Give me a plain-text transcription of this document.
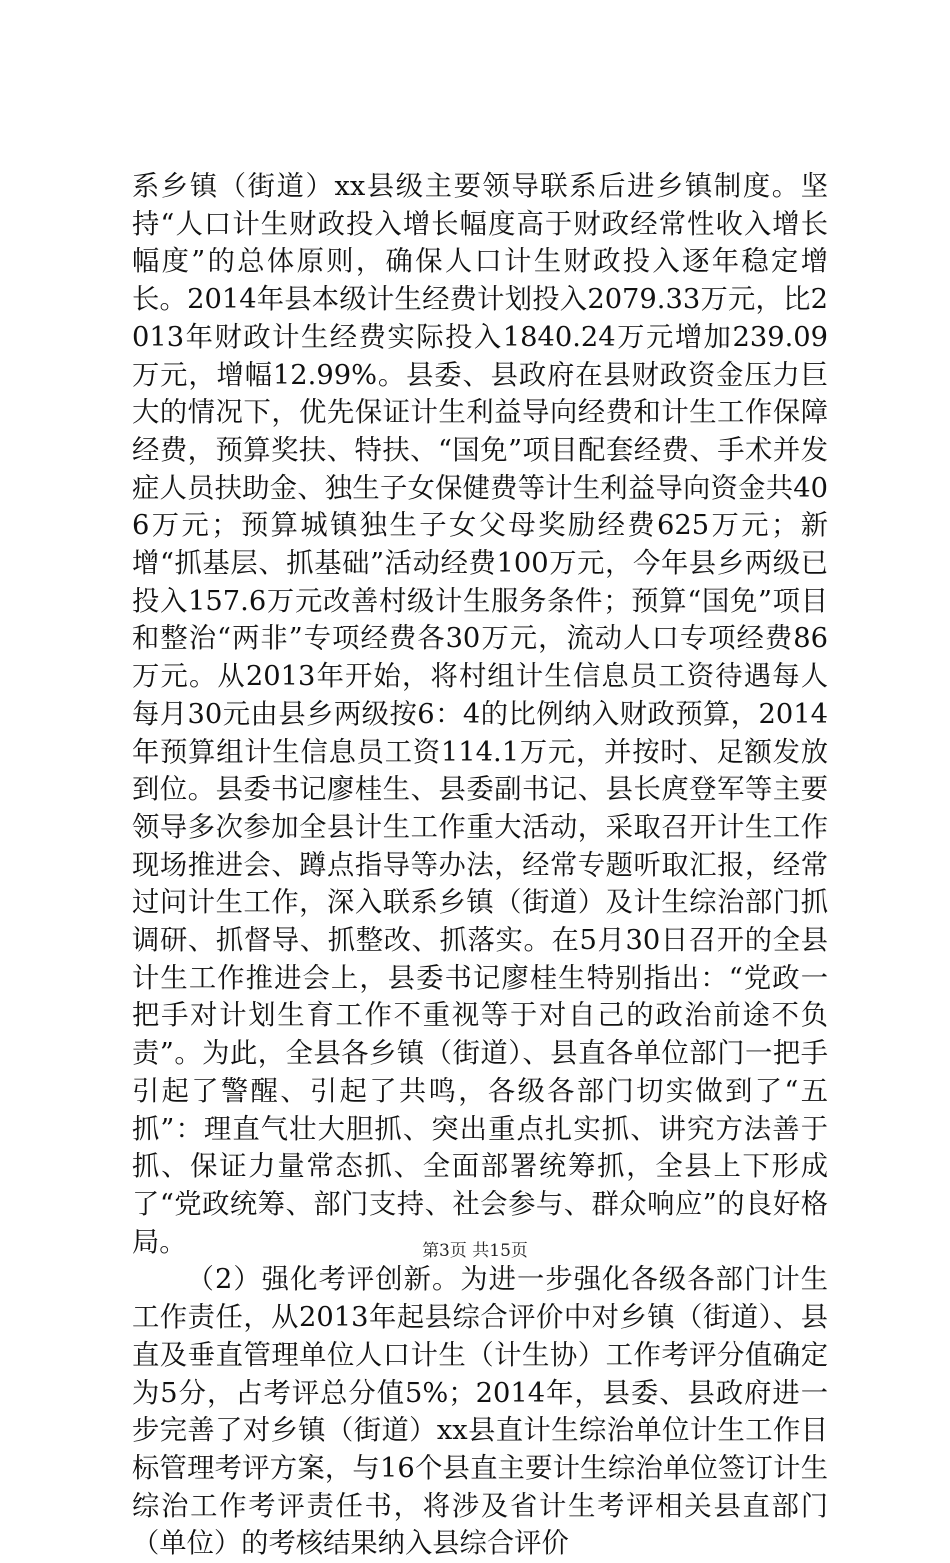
系乡镇（街道）xx县级主要领导联系后进乡镇制度。坚持“人口计生财政投入增长幅度高于财政经常性收入增长幅度”的总体原则，确保人口计生财政投入逐年稳定增长。2014年县本级计生经费计划投入2079.33万元，比2013年财政计生经费实际投入1840.24万元增加239.09万元，增幅12.99%。县委、县政府在县财政资金压力巨大的情况下，优先保证计生利益导向经费和计生工作保障经费，预算奖扶、特扶、“国免”项目配套经费、手术并发症人员扶助金、独生子女保健费等计生利益导向资金共406万元；预算城镇独生子女父母奖励经费625万元；新增“抓基层、抓基础”活动经费100万元，今年县乡两级已投入157.6万元改善村级计生服务条件；预算“国免”项目和整治“两非”专项经费各30万元，流动人口专项经费86万元。从2013年开始，将村组计生信息员工资待遇每人每月30元由县乡两级按6：4的比例纳入财政预算，2014年预算组计生信息员工资114.1万元，并按时、足额发放到位。县委书记廖桂生、县委副书记、县长庹登军等主要领导多次参加全县计生工作重大活动，采取召开计生工作现场推进会、蹲点指导等办法，经常专题听取汇报，经常过问计生工作，深入联系乡镇（街道）及计生综治部门抓调研、抓督导、抓整改、抓落实。在5月30日召开的全县计生工作推进会上，县委书记廖桂生特别指出：“党政一把手对计划生育工作不重视等于对自己的政治前途不负责”。为此，全县各乡镇（街道）、县直各单位部门一把手引起了警醒、引起了共鸣，各级各部门切实做到了“五抓”：理直气壮大胆抓、突出重点扎实抓、讲究方法善于抓、保证力量常态抓、全面部署统筹抓，全县上下形成了“党政统筹、部门支持、社会参与、群众响应”的良好格局。

（2）强化考评创新。为进一步强化各级各部门计生工作责任，从2013年起县综合评价中对乡镇（街道）、县直及垂直管理单位人口计生（计生协）工作考评分值确定为5分，占考评总分值5%；2014年，县委、县政府进一步完善了对乡镇（街道）xx县直计生综治单位计生工作目标管理考评方案，与16个县直主要计生综治单位签订计生综治工作考评责任书，将涉及省计生考评相关县直部门（单位）的考核结果纳入县综合评价

第3页 共15页
